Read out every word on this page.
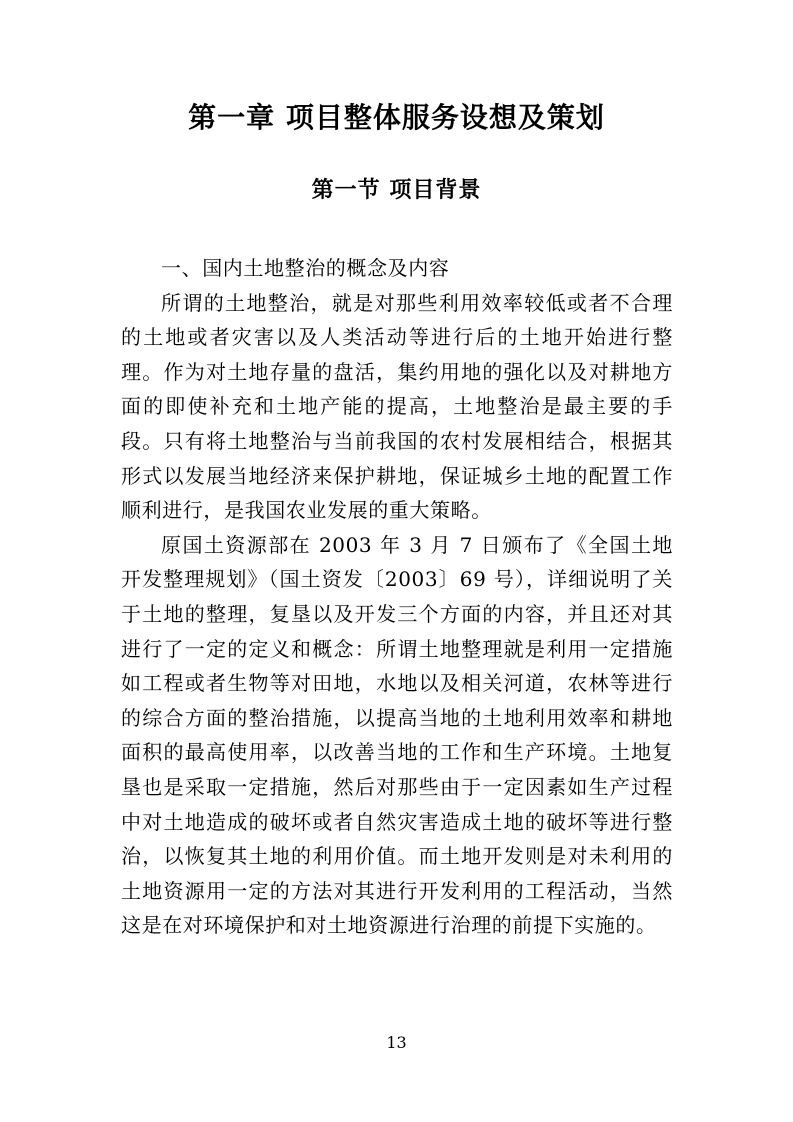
第一章 项目整体服务设想及策划
第一节 项目背景

一、国内土地整治的概念及内容

所谓的土地整治，就是对那些利用效率较低或者不合理的土地或者灾害以及人类活动等进行后的土地开始进行整理。作为对土地存量的盘活，集约用地的强化以及对耕地方面的即使补充和土地产能的提高，土地整治是最主要的手段。只有将土地整治与当前我国的农村发展相结合，根据其形式以发展当地经济来保护耕地，保证城乡土地的配置工作顺利进行，是我国农业发展的重大策略。

原国土资源部在 2003 年 3 月 7 日颁布了《全国土地开发整理规划》（国土资发〔2003〕69 号），详细说明了关于土地的整理，复垦以及开发三个方面的内容，并且还对其进行了一定的定义和概念：所谓土地整理就是利用一定措施如工程或者生物等对田地，水地以及相关河道，农林等进行的综合方面的整治措施，以提高当地的土地利用效率和耕地面积的最高使用率，以改善当地的工作和生产环境。土地复垦也是采取一定措施，然后对那些由于一定因素如生产过程中对土地造成的破坏或者自然灾害造成土地的破坏等进行整治，以恢复其土地的利用价值。而土地开发则是对未利用的土地资源用一定的方法对其进行开发利用的工程活动，当然这是在对环境保护和对土地资源进行治理的前提下实施的。

13
